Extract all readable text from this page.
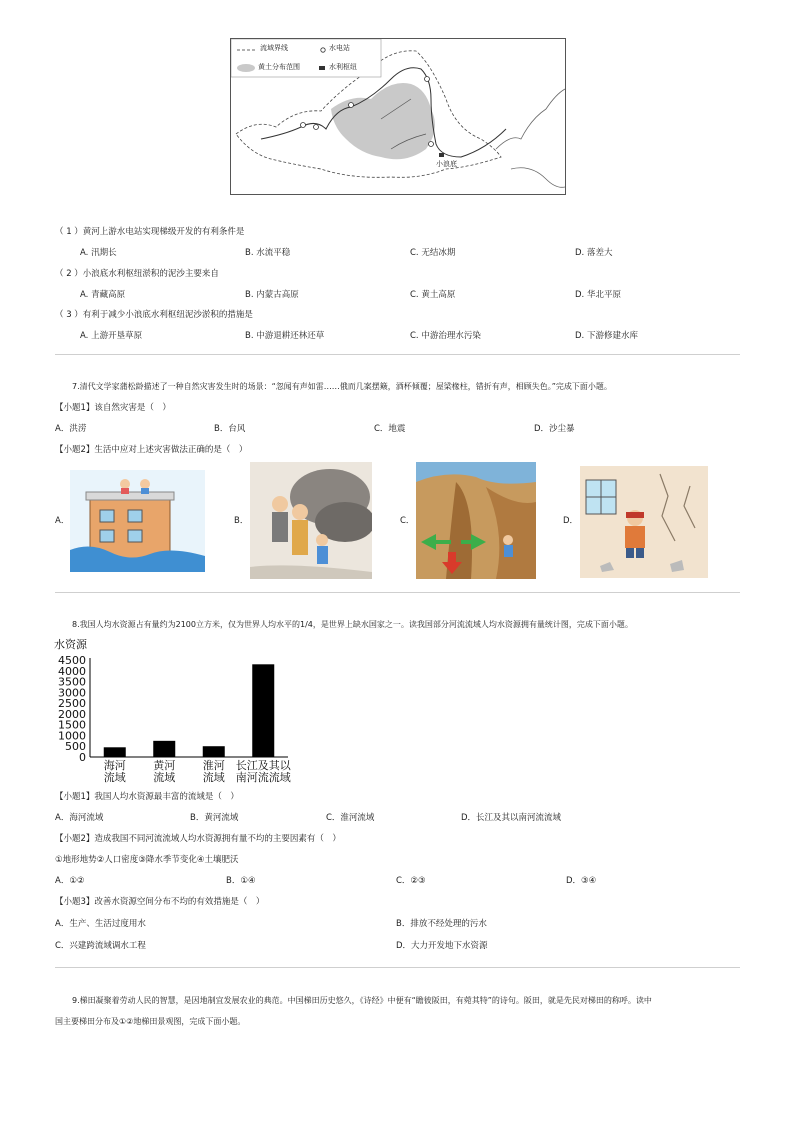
流域界线	水电站
黄土分布范围	水利枢纽
小浪底
（ 1 ）黄河上游水电站实现梯级开发的有利条件是
A. 汛期长	B. 水流平稳	C. 无结冰期	D. 落差大
（ 2 ）小浪底水利枢纽淤积的泥沙主要来自
A. 青藏高原	B. 内蒙古高原	C. 黄土高原	D. 华北平原
（ 3 ）有利于减少小浪底水利枢纽泥沙淤积的措施是
A. 上游开垦草原	B. 中游退耕还林还草	C. 中游治理水污染	D. 下游修建水库
7.清代文学家蒲松龄描述了一种自然灾害发生时的场景：“忽闻有声如雷……俄而几案摆簸，酒杯倾覆；屋梁椽柱，错折有声，相顾失色。”完成下面小题。
【小题1】该自然灾害是（　）
A．洪涝	B．台风	C．地震	D．沙尘暴
【小题2】生活中应对上述灾害做法正确的是（　）
A．	B．	C．	D．
8.我国人均水资源占有量约为2100立方米，仅为世界人均水平的1/4，是世界上缺水国家之一。读我国部分河流流域人均水资源拥有量统计图，完成下面小题。
水资源
0
500
1000
1500
2000
2500
3000
3500
4000
4500
海河
流域
黄河
流域
淮河
流域
长江及其以
南河流流域
【小题1】我国人均水资源最丰富的流域是（　）
A．海河流域	B．黄河流域	C．淮河流域	D．长江及其以南河流流域
【小题2】造成我国不同河流流域人均水资源拥有量不均的主要因素有（　）
①地形地势②人口密度③降水季节变化④土壤肥沃
A．①②	B．①④	C．②③	D．③④
【小题3】改善水资源空间分布不均的有效措施是（　）
A．生产、生活过度用水	B．排放不经处理的污水
C．兴建跨流域调水工程	D．大力开发地下水资源
9.梯田凝聚着劳动人民的智慧，是因地制宜发展农业的典范。中国梯田历史悠久，《诗经》中便有“瞻彼阪田，有菀其特”的诗句。阪田，就是先民对梯田的称呼。读中
国主要梯田分布及①②地梯田景观图，完成下面小题。
